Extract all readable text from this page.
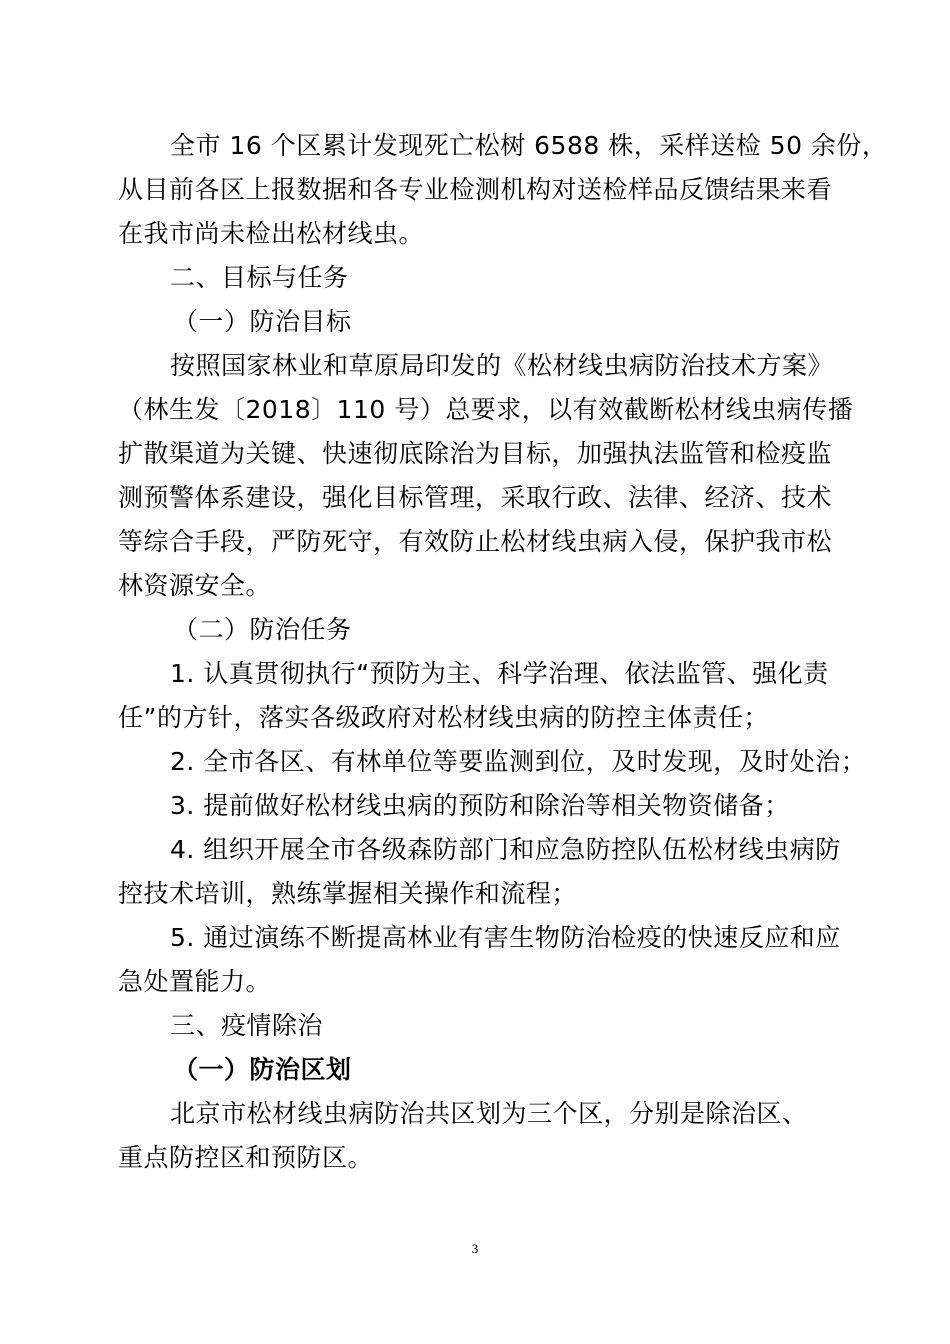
全市 16 个区累计发现死亡松树 6588 株，采样送检 50 余份，
从目前各区上报数据和各专业检测机构对送检样品反馈结果来看
在我市尚未检出松材线虫。
二、目标与任务
（一）防治目标
按照国家林业和草原局印发的《松材线虫病防治技术方案》
（林生发〔2018〕110 号）总要求，以有效截断松材线虫病传播
扩散渠道为关键、快速彻底除治为目标，加强执法监管和检疫监
测预警体系建设，强化目标管理，采取行政、法律、经济、技术
等综合手段，严防死守，有效防止松材线虫病入侵，保护我市松
林资源安全。
（二）防治任务
1. 认真贯彻执行“预防为主、科学治理、依法监管、强化责
任”的方针，落实各级政府对松材线虫病的防控主体责任；
2. 全市各区、有林单位等要监测到位，及时发现，及时处治；
3. 提前做好松材线虫病的预防和除治等相关物资储备；
4. 组织开展全市各级森防部门和应急防控队伍松材线虫病防
控技术培训，熟练掌握相关操作和流程；
5. 通过演练不断提高林业有害生物防治检疫的快速反应和应
急处置能力。
三、疫情除治
（一）防治区划
北京市松材线虫病防治共区划为三个区，分别是除治区、
重点防控区和预防区。
3
